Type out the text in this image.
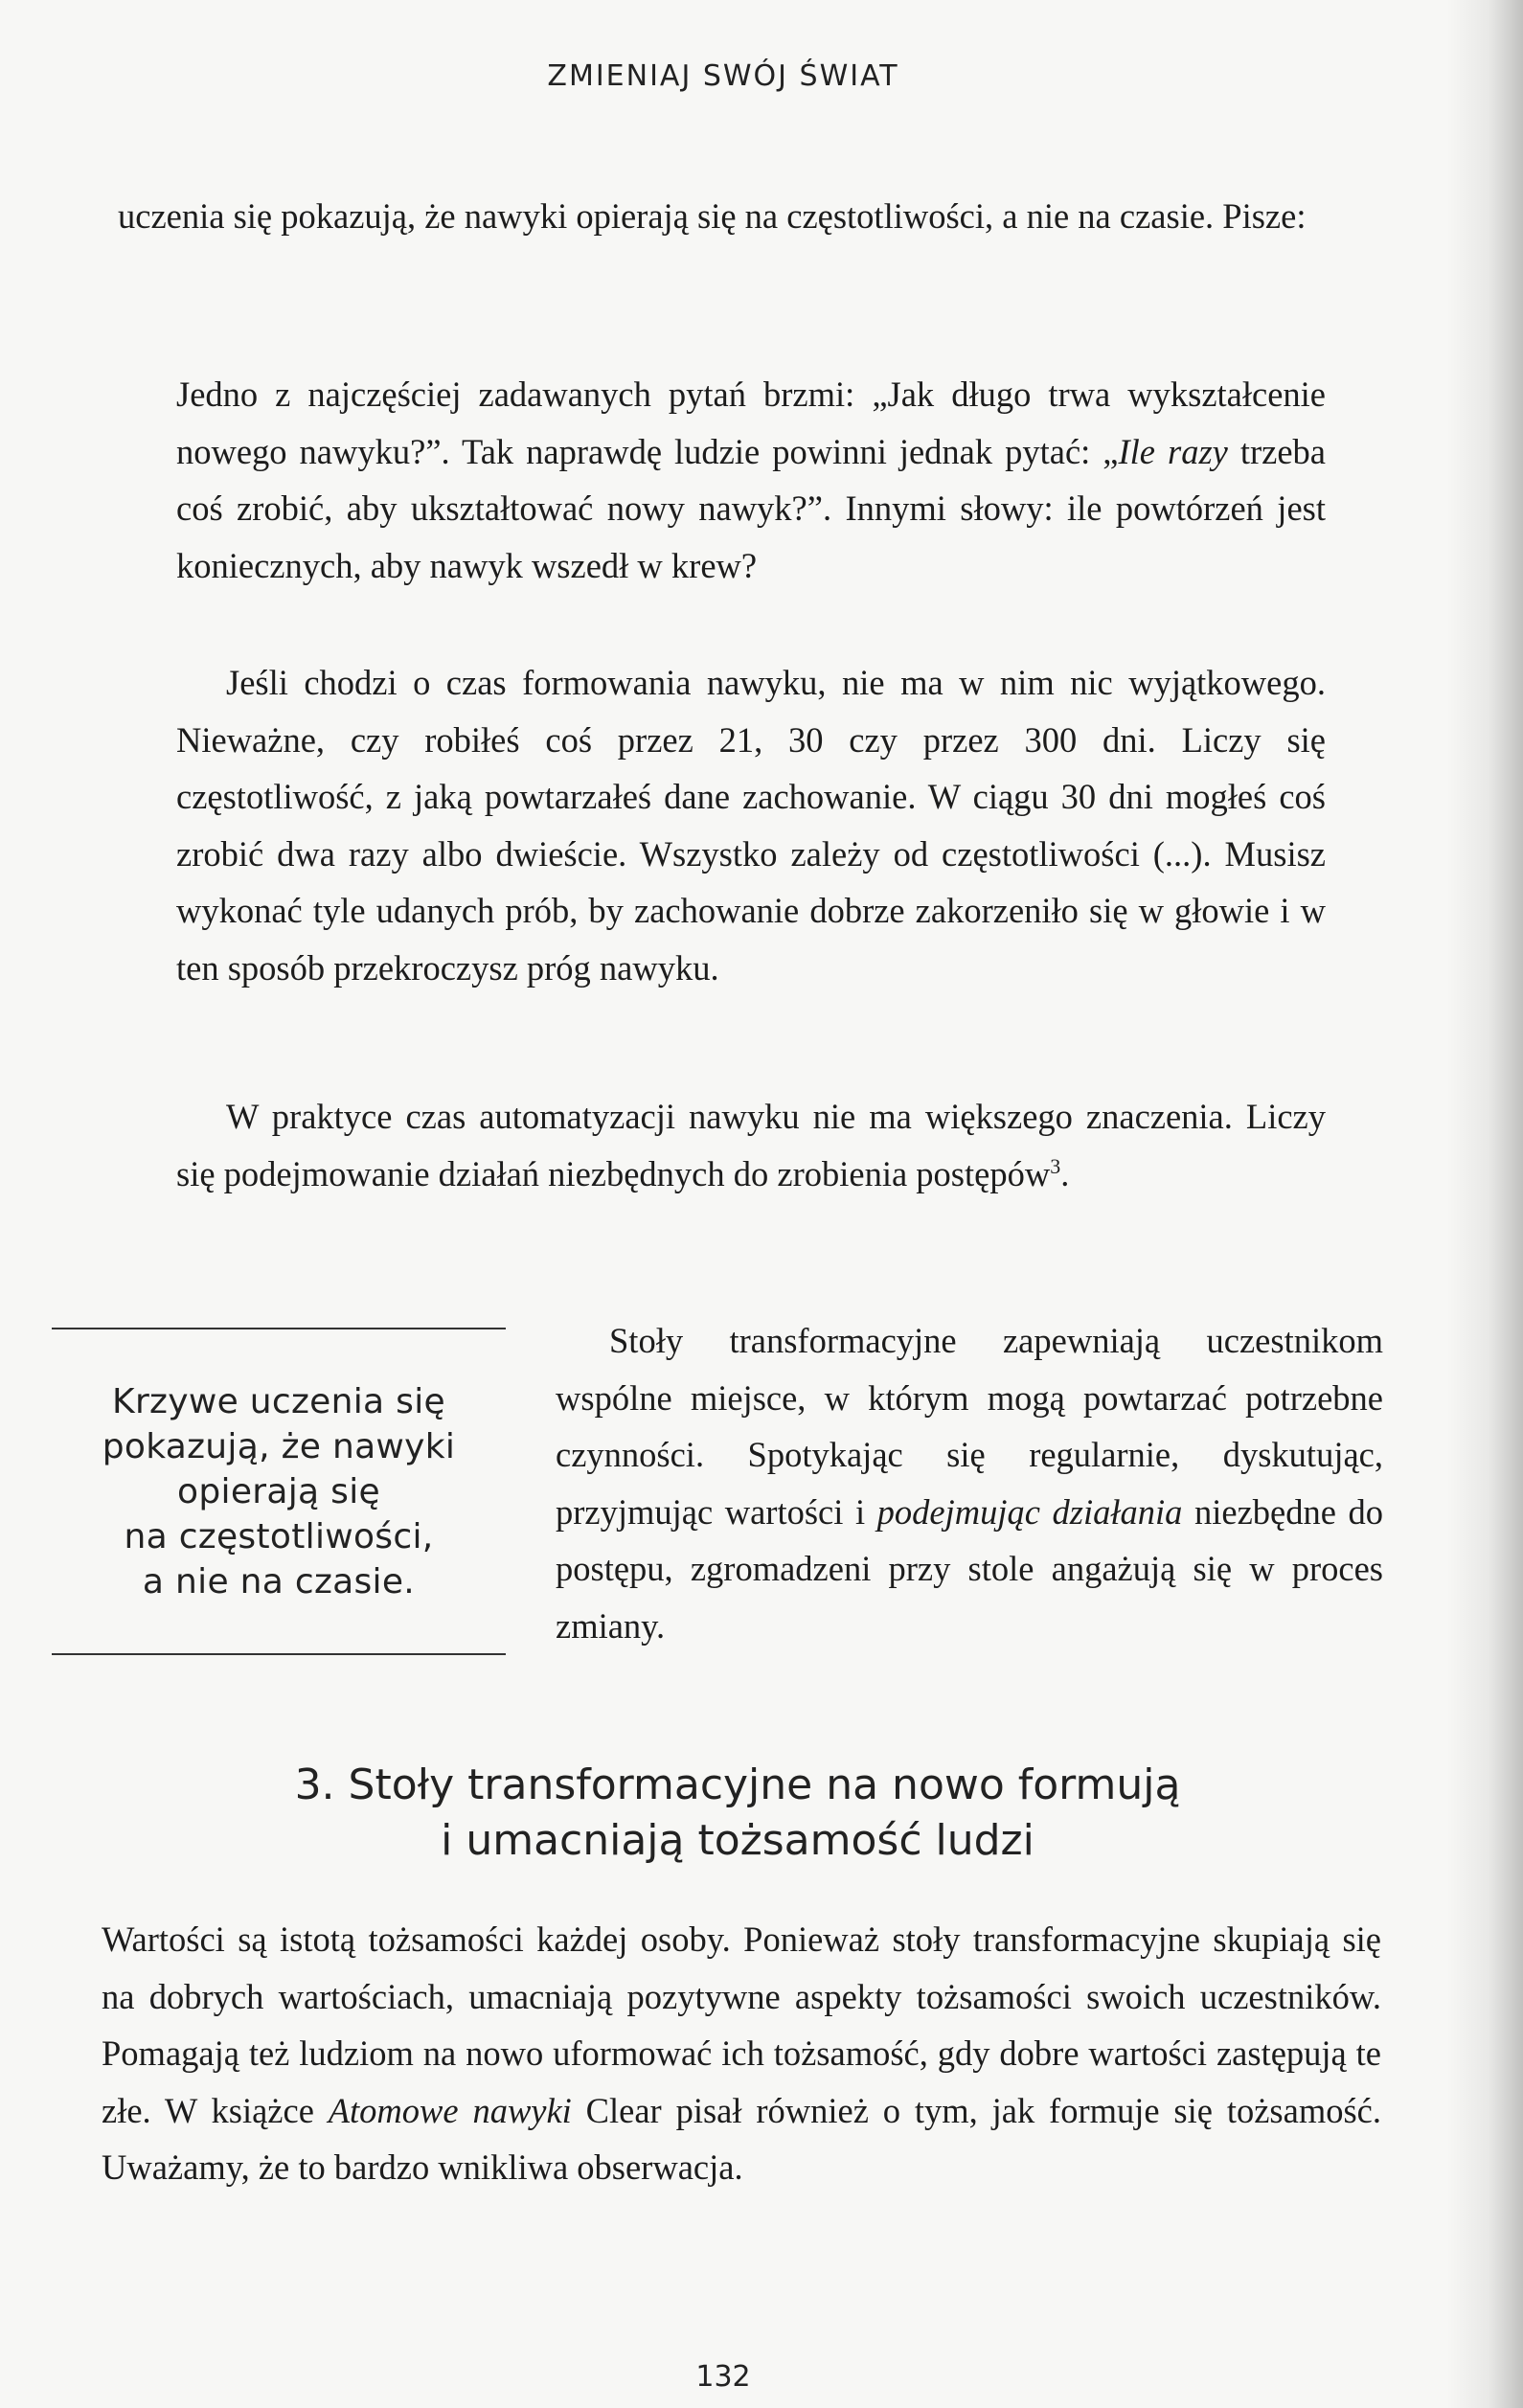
ZMIENIAJ SWÓJ ŚWIAT

uczenia się pokazują, że nawyki opierają się na częstotliwości, a nie na czasie. Pisze:

Jedno z najczęściej zadawanych pytań brzmi: „Jak długo trwa wykształcenie nowego nawyku?”. Tak naprawdę ludzie powinni jednak pytać: „Ile razy trzeba coś zrobić, aby ukształtować nowy nawyk?”. Innymi słowy: ile powtórzeń jest koniecznych, aby nawyk wszedł w krew?

Jeśli chodzi o czas formowania nawyku, nie ma w nim nic wyjątkowego. Nieważne, czy robiłeś coś przez 21, 30 czy przez 300 dni. Liczy się częstotliwość, z jaką powtarzałeś dane zachowanie. W ciągu 30 dni mogłeś coś zrobić dwa razy albo dwieście. Wszystko zależy od częstotliwości (...). Musisz wykonać tyle udanych prób, by zachowanie dobrze zakorzeniło się w głowie i w ten sposób przekroczysz próg nawyku.

W praktyce czas automatyzacji nawyku nie ma większego znaczenia. Liczy się podejmowanie działań niezbędnych do zrobienia postępów$^3$.

Krzywe uczenia się
pokazują, że nawyki
opierają się
na częstotliwości,
a nie na czasie.

Stoły transformacyjne zapewniają uczestnikom wspólne miejsce, w którym mogą powtarzać potrzebne czynności. Spotykając się regularnie, dyskutując, przyjmując wartości i podejmując działania niezbędne do postępu, zgromadzeni przy stole angażują się w proces zmiany.

3. Stoły transformacyjne na nowo formują
i umacniają tożsamość ludzi

Wartości są istotą tożsamości każdej osoby. Ponieważ stoły transformacyjne skupiają się na dobrych wartościach, umacniają pozytywne aspekty tożsamości swoich uczestników. Pomagają też ludziom na nowo uformować ich tożsamość, gdy dobre wartości zastępują te złe. W książce Atomowe nawyki Clear pisał również o tym, jak formuje się tożsamość. Uważamy, że to bardzo wnikliwa obserwacja.

132
